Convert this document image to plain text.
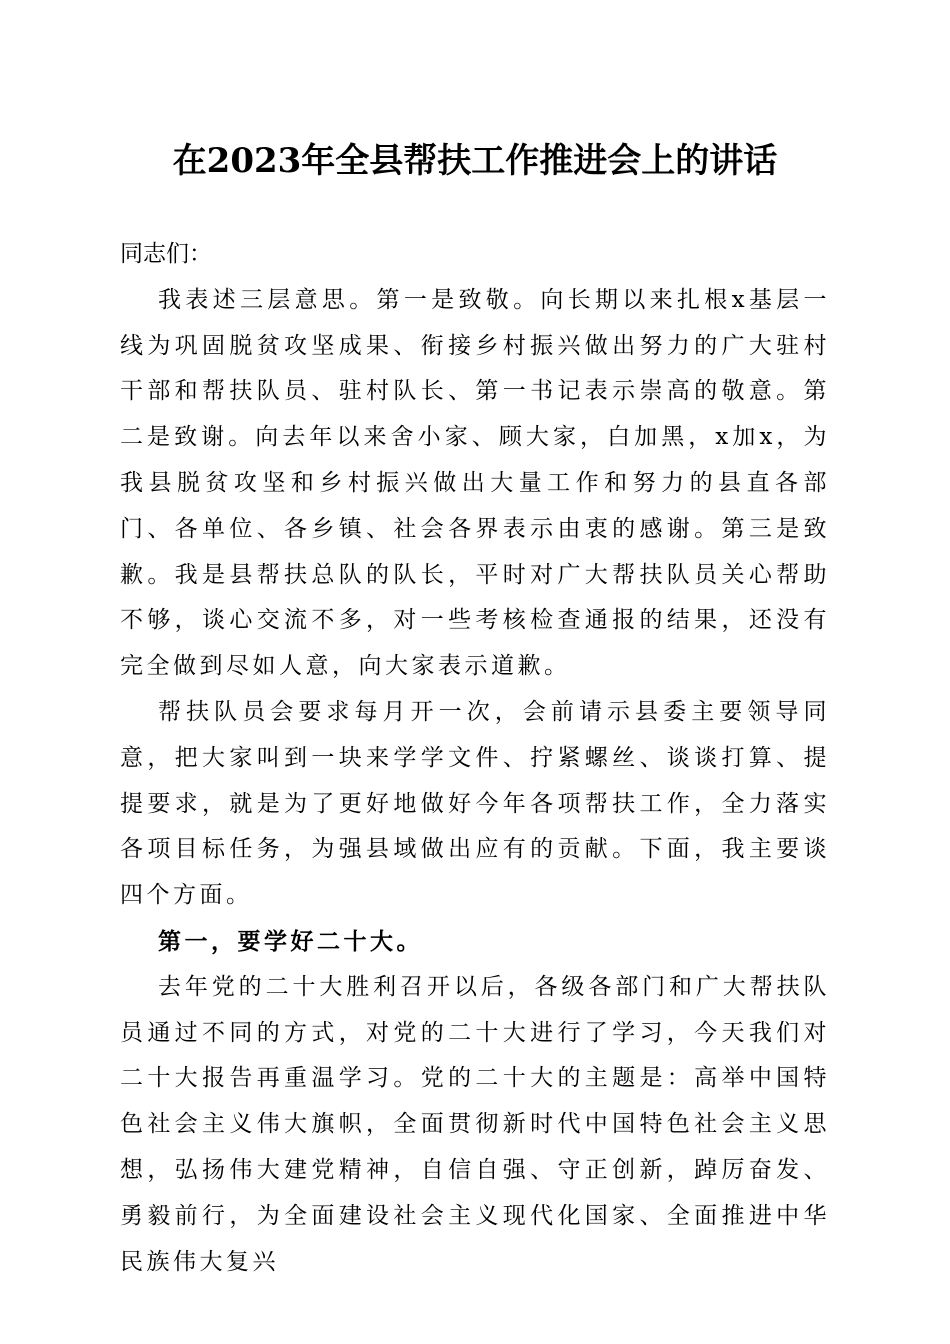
在2023年全县帮扶工作推进会上的讲话

同志们：

我表述三层意思。第一是致敬。向长期以来扎根x基层一线为巩固脱贫攻坚成果、衔接乡村振兴做出努力的广大驻村干部和帮扶队员、驻村队长、第一书记表示崇高的敬意。第二是致谢。向去年以来舍小家、顾大家，白加黑，x加x，为我县脱贫攻坚和乡村振兴做出大量工作和努力的县直各部门、各单位、各乡镇、社会各界表示由衷的感谢。第三是致歉。我是县帮扶总队的队长，平时对广大帮扶队员关心帮助不够，谈心交流不多，对一些考核检查通报的结果，还没有完全做到尽如人意，向大家表示道歉。

帮扶队员会要求每月开一次，会前请示县委主要领导同意，把大家叫到一块来学学文件、拧紧螺丝、谈谈打算、提提要求，就是为了更好地做好今年各项帮扶工作，全力落实各项目标任务，为强县域做出应有的贡献。下面，我主要谈四个方面。

第一，要学好二十大。

去年党的二十大胜利召开以后，各级各部门和广大帮扶队员通过不同的方式，对党的二十大进行了学习，今天我们对二十大报告再重温学习。党的二十大的主题是：高举中国特色社会主义伟大旗帜，全面贯彻新时代中国特色社会主义思想，弘扬伟大建党精神，自信自强、守正创新，踔厉奋发、勇毅前行，为全面建设社会主义现代化国家、全面推进中华民族伟大复兴
